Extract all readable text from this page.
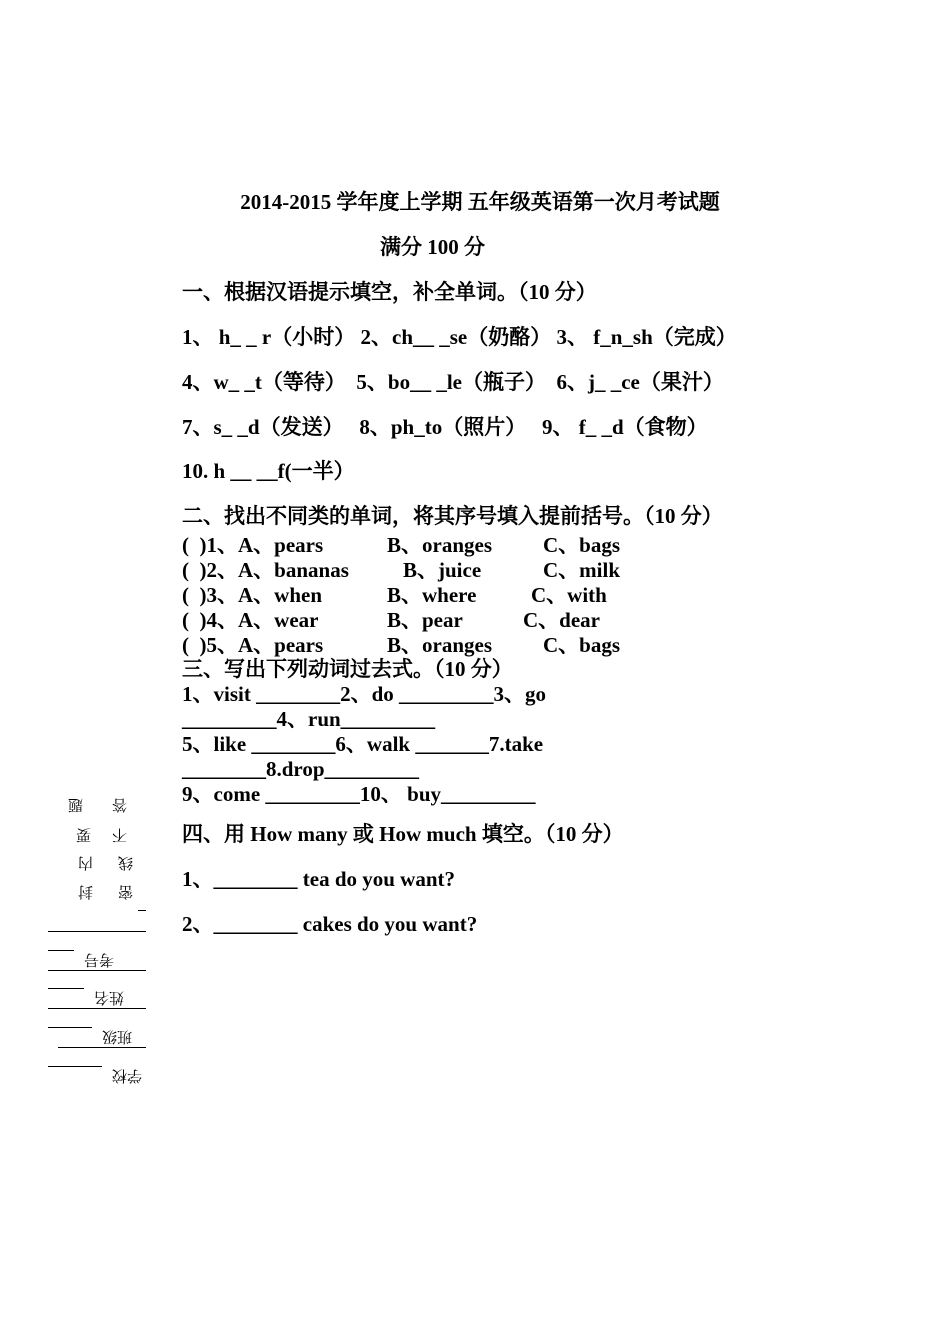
2014-2015 学年度上学期 五年级英语第一次月考试题
满分 100 分
一、根据汉语提示填空，补全单词。（10 分）
1、 h_ _ r（小时） 2、ch__ _se（奶酪） 3、 f_n_sh（完成）
4、w_ _t（等待）  5、bo__ _le（瓶子）  6、j_ _ce（果汁）
7、s_ _d（发送）   8、ph_to（照片）   9、 f_ _d（食物）
10. h __ __f(一半）
二、找出不同类的单词，将其序号填入提前括号。（10 分）
(  )1、A、pears	B、oranges C、bags
(  )2、A、bananas	B、juice	C、milk
(  )3、A、when	B、where	C、with
(  )4、A、wear	B、pear	C、dear
(  )5、A、pears	B、oranges C、bags
三、写出下列动词过去式。（10 分）
1、visit ________2、do _________3、go
_________4、run_________
5、like ________6、walk _______7.take
________8.drop_________
9、come _________10、 buy_________
四、用 How many 或 How much 填空。（10 分）
1、________ tea do you want?
2、________ cakes do you want?
答
不
线
密
题
要
内
封
考号
姓名
班级
学校
